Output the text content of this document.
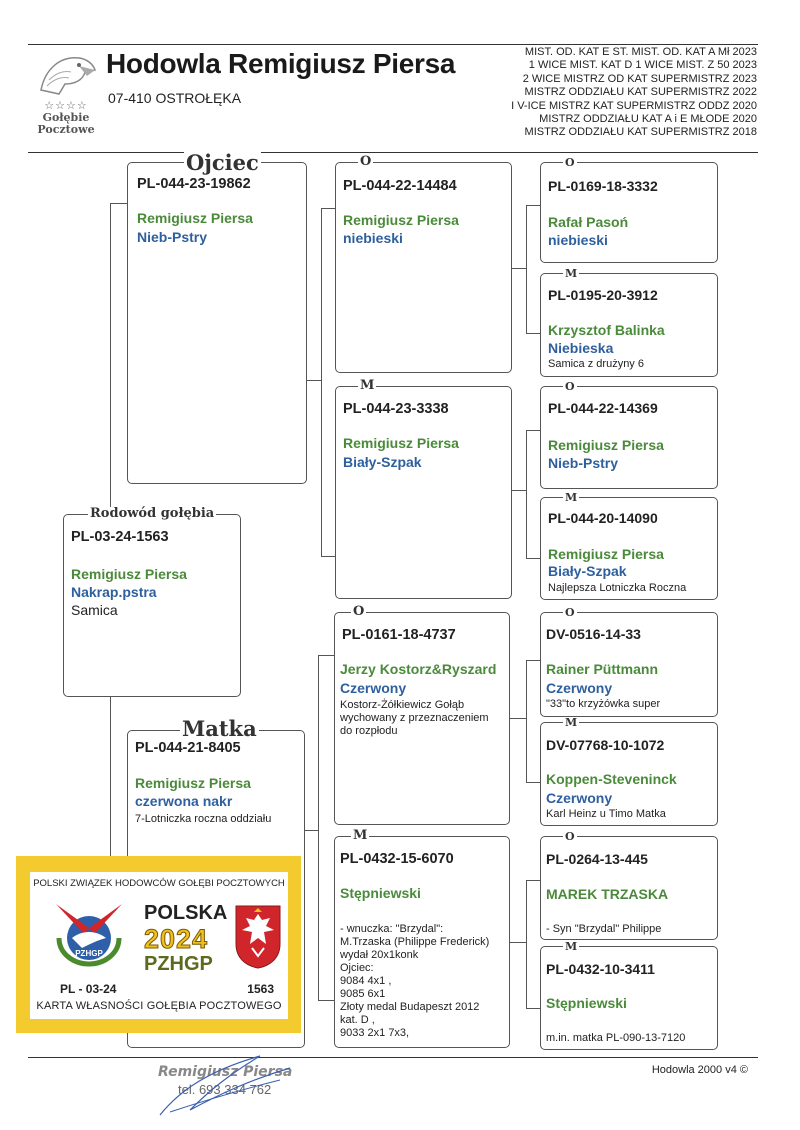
☆☆☆☆
Gołębie
Pocztowe
Hodowla Remigiusz Piersa
07-410 OSTROŁĘKA
MIST. OD. KAT E ST. MIST. OD. KAT A Mł 2023
1 WICE MIST. KAT D 1 WICE MIST. Z 50 2023
2 WICE MISTRZ OD KAT SUPERMISTRZ 2023
MISTRZ ODDZIAŁU KAT SUPERMISTRZ 2022
I V-ICE MISTRZ KAT SUPERMISTRZ ODDZ 2020
MISTRZ ODDZIAŁU KAT A i E MŁODE 2020
MISTRZ ODDZIAŁU KAT SUPERMISTRZ 2018
Rodowód gołębia
PL-03-24-1563
Remigiusz Piersa
Nakrap.pstra
Samica
Ojciec
PL-044-23-19862
Remigiusz Piersa
Nieb-Pstry
Matka
PL-044-21-8405
Remigiusz Piersa
czerwona nakr
7-Lotniczka roczna oddziału
O
PL-044-22-14484
Remigiusz Piersa
niebieski
M
PL-044-23-3338
Remigiusz Piersa
Biały-Szpak
O
PL-0161-18-4737
Jerzy Kostorz&Ryszard
Czerwony
Kostorz-Żółkiewicz Gołąb
wychowany z przeznaczeniem
do rozpłodu
M
PL-0432-15-6070
Stępniewski
- wnuczka: "Brzydal":
M.Trzaska (Philippe Frederick)
wydał 20x1konk
Ojciec:
9084 4x1 ,
9085 6x1
Złoty medal Budapeszt 2012
kat. D ,
9033 2x1 7x3,
O
PL-0169-18-3332
Rafał Pasoń
niebieski
M
PL-0195-20-3912
Krzysztof Balinka
Niebieska
Samica z drużyny 6
O
PL-044-22-14369
Remigiusz Piersa
Nieb-Pstry
M
PL-044-20-14090
Remigiusz Piersa
Biały-Szpak
Najlepsza Lotniczka Roczna
O
DV-0516-14-33
Rainer Püttmann
Czerwony
"33"to krzyżówka super
M
DV-07768-10-1072
Koppen-Steveninck
Czerwony
Karl Heinz u Timo Matka
O
PL-0264-13-445
MAREK TRZASKA
- Syn "Brzydal" Philippe
M
PL-0432-10-3411
Stępniewski
m.in. matka PL-090-13-7120
POLSKI ZWIĄZEK HODOWCÓW GOŁĘBI POCZTOWYCH
PZHGP
POLSKA
2024
PZHGP
PL - 03-24	1563
KARTA WŁASNOŚCI GOŁĘBIA POCZTOWEGO
Remigiusz Piersa
tel. 693 334 762
Hodowla 2000 v4 ©
